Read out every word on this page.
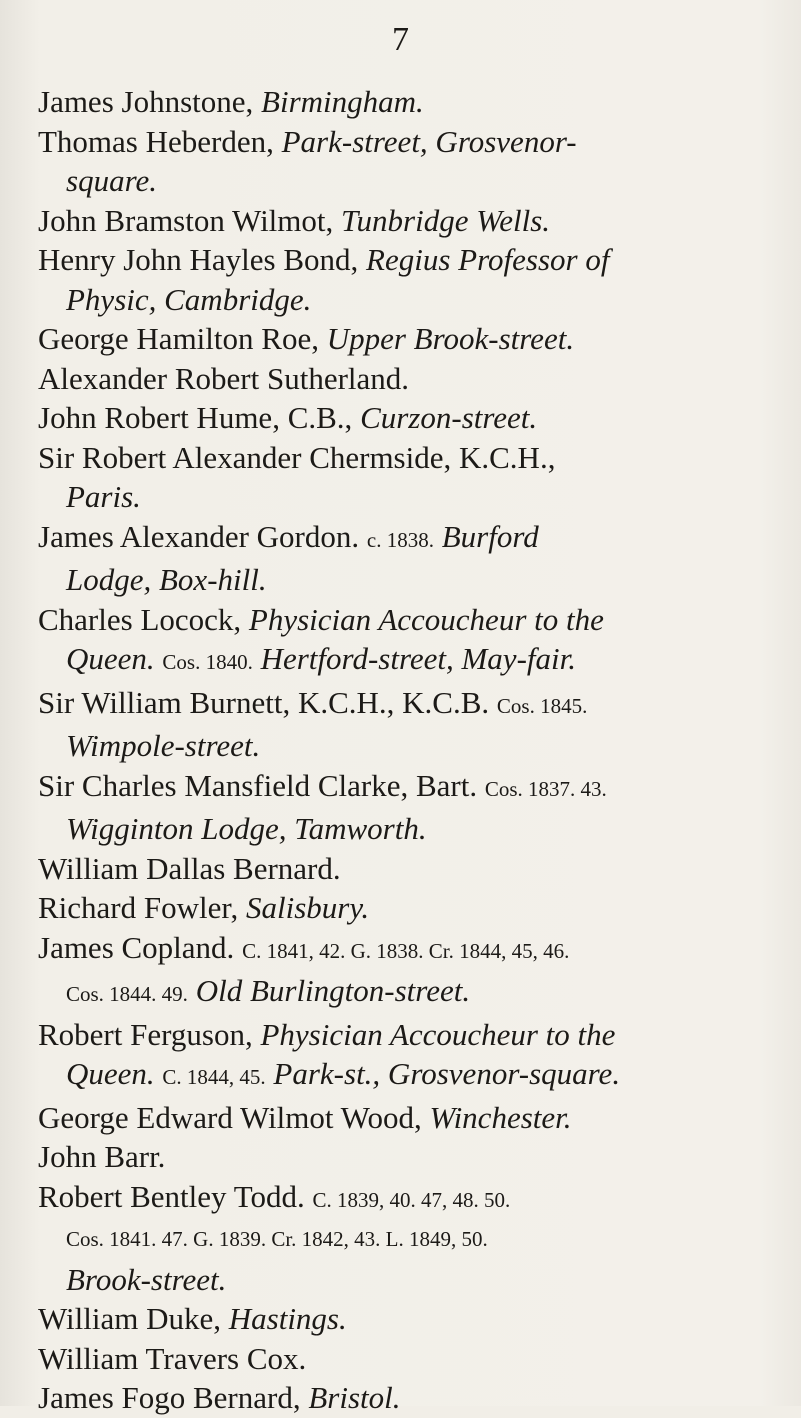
7
James Johnstone, Birmingham.
Thomas Heberden, Park-street, Grosvenor-
square.
John Bramston Wilmot, Tunbridge Wells.
Henry John Hayles Bond, Regius Professor of
Physic, Cambridge.
George Hamilton Roe, Upper Brook-street.
Alexander Robert Sutherland.
John Robert Hume, C.B., Curzon-street.
Sir Robert Alexander Chermside, K.C.H.,
Paris.
James Alexander Gordon. c. 1838. Burford
Lodge, Box-hill.
Charles Locock, Physician Accoucheur to the
Queen. Cos. 1840. Hertford-street, May-fair.
Sir William Burnett, K.C.H., K.C.B. Cos. 1845.
Wimpole-street.
Sir Charles Mansfield Clarke, Bart. Cos. 1837. 43.
Wigginton Lodge, Tamworth.
William Dallas Bernard.
Richard Fowler, Salisbury.
James Copland. C. 1841, 42. G. 1838. Cr. 1844, 45, 46.
Cos. 1844. 49. Old Burlington-street.
Robert Ferguson, Physician Accoucheur to the
Queen. C. 1844, 45. Park-st., Grosvenor-square.
George Edward Wilmot Wood, Winchester.
John Barr.
Robert Bentley Todd. C. 1839, 40. 47, 48. 50.
Cos. 1841. 47. G. 1839. Cr. 1842, 43. L. 1849, 50.
Brook-street.
William Duke, Hastings.
William Travers Cox.
James Fogo Bernard, Bristol.
